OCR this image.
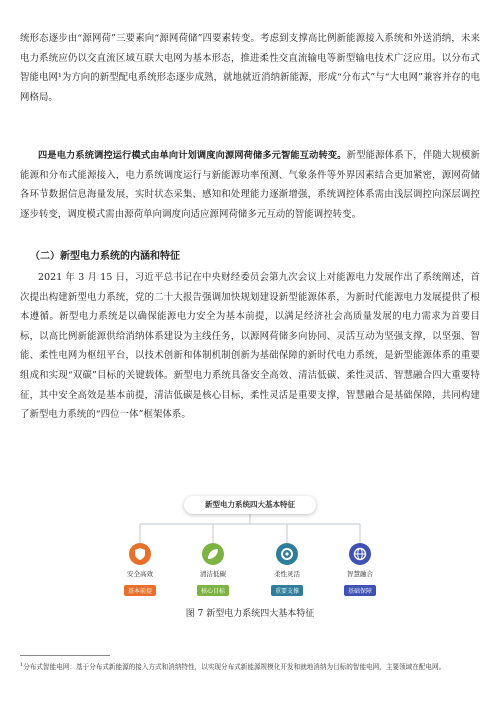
统形态逐步由“源网荷”三要素向“源网荷储”四要素转变。考虑到支撑高比例新能源接入系统和外送消纳，未来电力系统应仍以交直流区域互联大电网为基本形态，推进柔性交直流输电等新型输电技术广泛应用。以分布式智能电网¹为方向的新型配电系统形态逐步成熟，就地就近消纳新能源，形成“分布式”与“大电网”兼容并存的电网格局。

四是电力系统调控运行模式由单向计划调度向源网荷储多元智能互动转变。新型能源体系下，伴随大规模新能源和分布式能源接入，电力系统调度运行与新能源功率预测、气象条件等外界因素结合更加紧密，源网荷储各环节数据信息海量发展，实时状态采集、感知和处理能力逐渐增强，系统调控体系需由浅层调控向深层调控逐步转变，调度模式需由源荷单向调度向适应源网荷储多元互动的智能调控转变。

（二）新型电力系统的内涵和特征

2021 年 3 月 15 日，习近平总书记在中央财经委员会第九次会议上对能源电力发展作出了系统阐述，首次提出构建新型电力系统，党的二十大报告强调加快规划建设新型能源体系，为新时代能源电力发展提供了根本遵循。新型电力系统是以确保能源电力安全为基本前提，以满足经济社会高质量发展的电力需求为首要目标，以高比例新能源供给消纳体系建设为主线任务，以源网荷储多向协同、灵活互动为坚强支撑，以坚强、智能、柔性电网为枢纽平台，以技术创新和体制机制创新为基础保障的新时代电力系统，是新型能源体系的重要组成和实现“双碳”目标的关键载体。新型电力系统具备安全高效、清洁低碳、柔性灵活、智慧融合四大重要特征，其中安全高效是基本前提，清洁低碳是核心目标，柔性灵活是重要支撑，智慧融合是基础保障，共同构建了新型电力系统的“四位一体”框架体系。

新型电力系统四大基本特征
安全高效
基本前提
清洁低碳
核心目标
柔性灵活
重要支撑
智慧融合
基础保障

图 7 新型电力系统四大基本特征

$^1$分布式智能电网：基于分布式新能源的接入方式和消纳特性，以实现分布式新能源规模化开发和就地消纳为目标的智能电网，主要领域在配电网。
